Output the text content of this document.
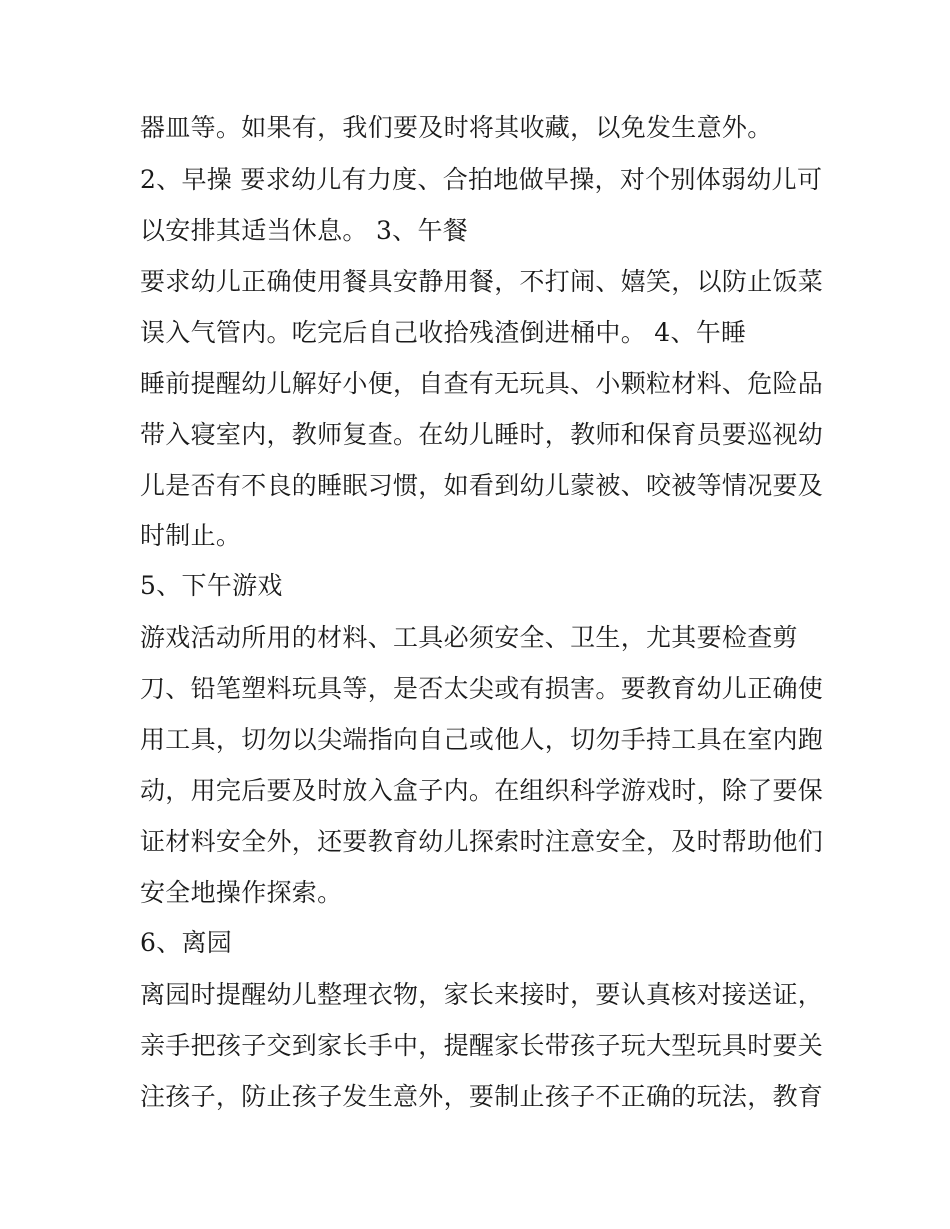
器皿等。如果有，我们要及时将其收藏，以免发生意外。
2、早操 要求幼儿有力度、合拍地做早操，对个别体弱幼儿可
以安排其适当休息。 3、午餐
要求幼儿正确使用餐具安静用餐，不打闹、嬉笑，以防止饭菜
误入气管内。吃完后自己收拾残渣倒进桶中。 4、午睡
睡前提醒幼儿解好小便，自查有无玩具、小颗粒材料、危险品
带入寝室内，教师复查。在幼儿睡时，教师和保育员要巡视幼
儿是否有不良的睡眠习惯，如看到幼儿蒙被、咬被等情况要及
时制止。
5、下午游戏
游戏活动所用的材料、工具必须安全、卫生，尤其要检查剪
刀、铅笔塑料玩具等，是否太尖或有损害。要教育幼儿正确使
用工具，切勿以尖端指向自己或他人，切勿手持工具在室内跑
动，用完后要及时放入盒子内。在组织科学游戏时，除了要保
证材料安全外，还要教育幼儿探索时注意安全，及时帮助他们
安全地操作探索。
6、离园
离园时提醒幼儿整理衣物，家长来接时，要认真核对接送证，
亲手把孩子交到家长手中，提醒家长带孩子玩大型玩具时要关
注孩子，防止孩子发生意外，要制止孩子不正确的玩法，教育
